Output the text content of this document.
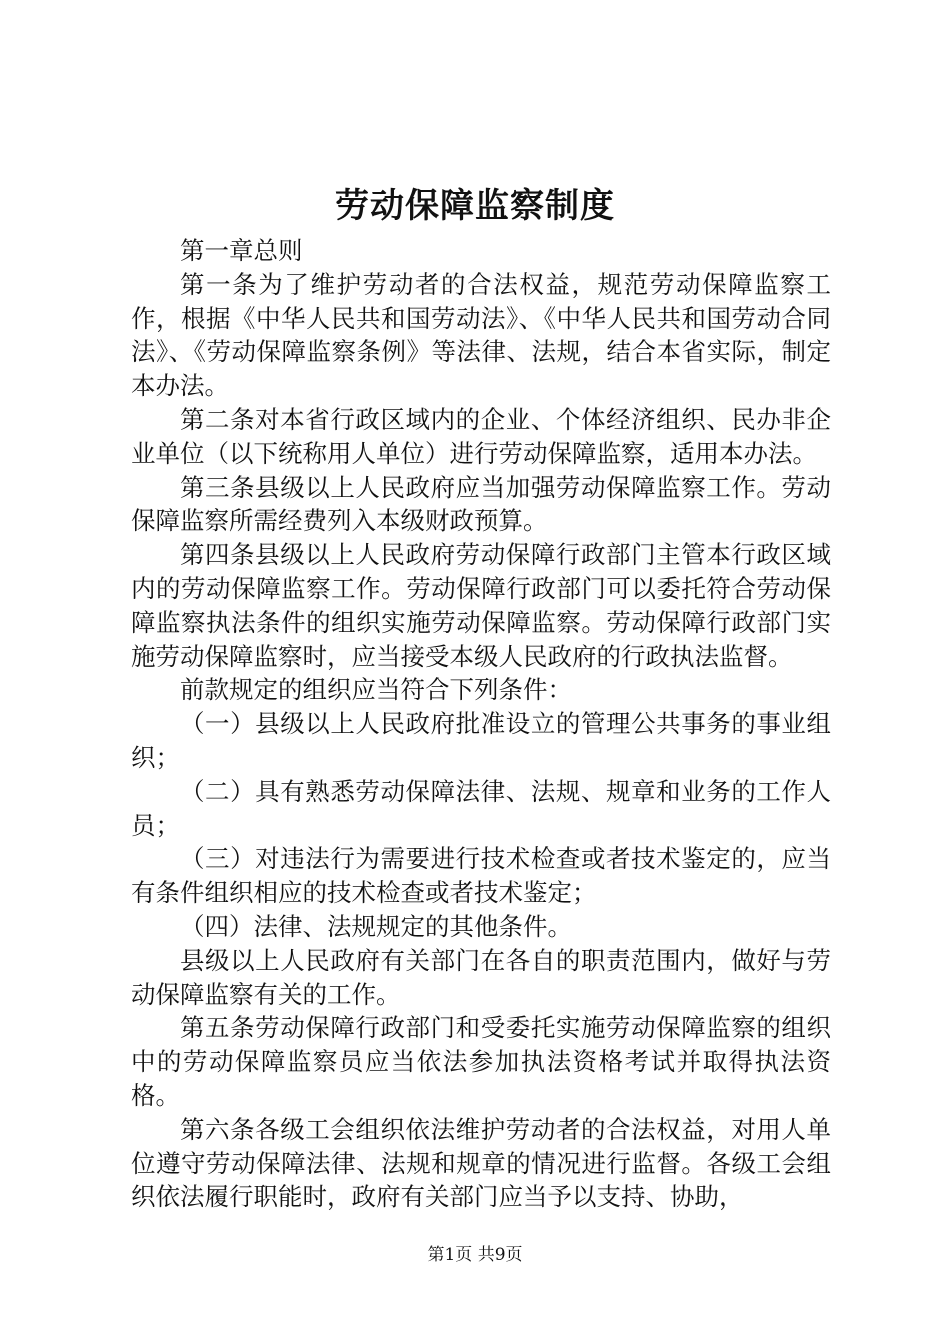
劳动保障监察制度

第一章总则

第一条为了维护劳动者的合法权益，规范劳动保障监察工作，根据《中华人民共和国劳动法》、《中华人民共和国劳动合同法》、《劳动保障监察条例》等法律、法规，结合本省实际，制定本办法。

第二条对本省行政区域内的企业、个体经济组织、民办非企业单位（以下统称用人单位）进行劳动保障监察，适用本办法。

第三条县级以上人民政府应当加强劳动保障监察工作。劳动保障监察所需经费列入本级财政预算。

第四条县级以上人民政府劳动保障行政部门主管本行政区域内的劳动保障监察工作。劳动保障行政部门可以委托符合劳动保障监察执法条件的组织实施劳动保障监察。劳动保障行政部门实施劳动保障监察时，应当接受本级人民政府的行政执法监督。

前款规定的组织应当符合下列条件：

（一）县级以上人民政府批准设立的管理公共事务的事业组织；

（二）具有熟悉劳动保障法律、法规、规章和业务的工作人员；

（三）对违法行为需要进行技术检查或者技术鉴定的，应当有条件组织相应的技术检查或者技术鉴定；

（四）法律、法规规定的其他条件。

县级以上人民政府有关部门在各自的职责范围内，做好与劳动保障监察有关的工作。

第五条劳动保障行政部门和受委托实施劳动保障监察的组织中的劳动保障监察员应当依法参加执法资格考试并取得执法资格。

第六条各级工会组织依法维护劳动者的合法权益，对用人单位遵守劳动保障法律、法规和规章的情况进行监督。各级工会组织依法履行职能时，政府有关部门应当予以支持、协助，

第1页 共9页
